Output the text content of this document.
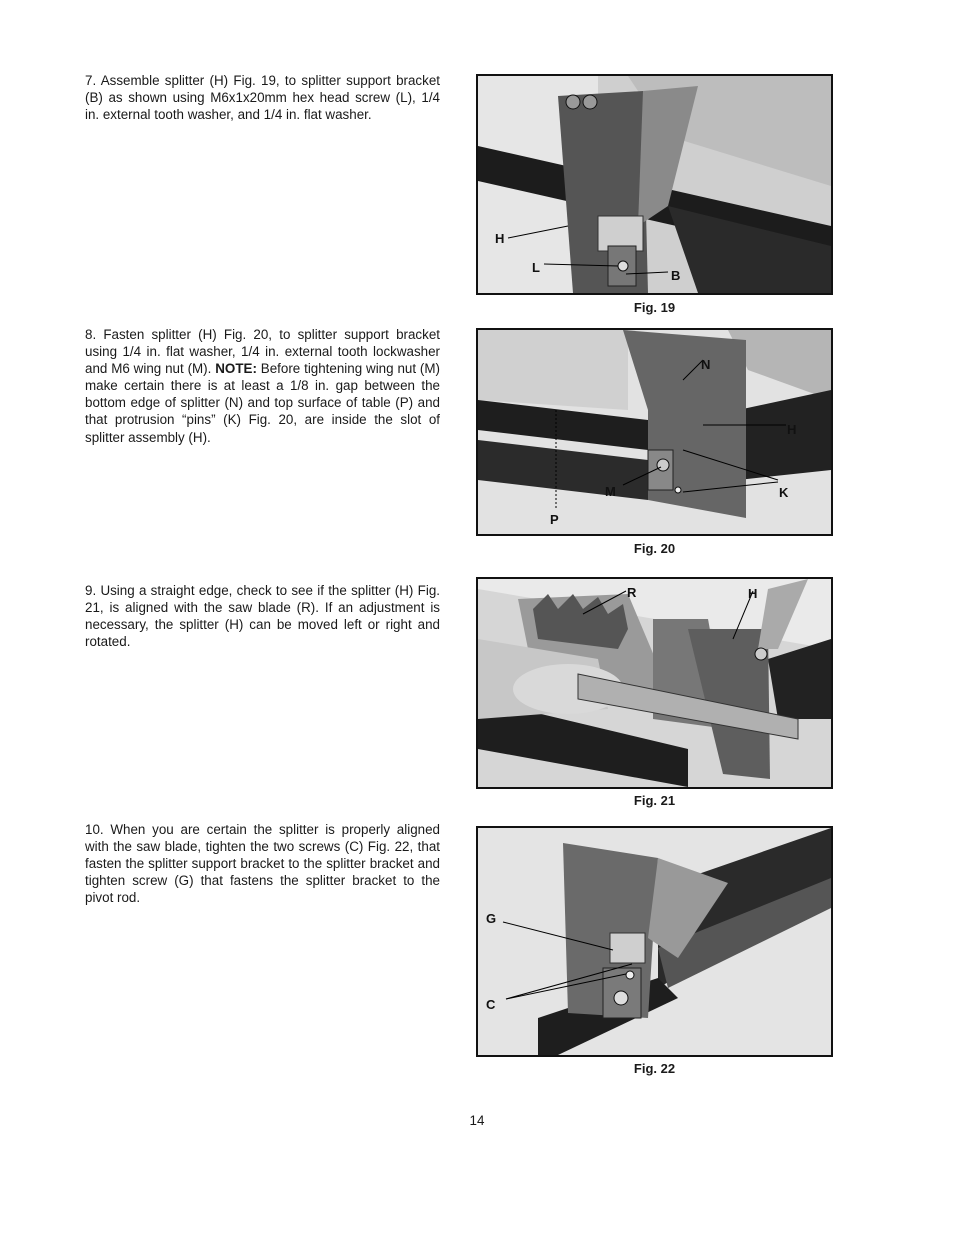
7. Assemble splitter (H) Fig. 19, to splitter support bracket (B) as shown using M6x1x20mm hex head screw (L), 1/4 in. external tooth washer, and 1/4 in. flat washer.
8. Fasten splitter (H) Fig. 20, to splitter support bracket using 1/4 in. flat washer, 1/4 in. external tooth lockwasher and M6 wing nut (M). NOTE: Before tightening wing nut (M) make certain there is at least a 1/8 in. gap between the bottom edge of splitter (N) and top surface of table (P) and that protrusion “pins” (K) Fig. 20, are inside the slot of splitter assembly (H).
9. Using a straight edge, check to see if the splitter (H) Fig. 21, is aligned with the saw blade (R). If an adjustment is necessary, the splitter (H) can be moved left or right and rotated.
10. When you are certain the splitter is properly aligned with the saw blade, tighten the two screws (C) Fig. 22, that fasten the splitter support bracket to the splitter bracket and tighten screw (G) that fastens the splitter bracket to the pivot rod.
H
L
B
Fig. 19
N
H
M	K
P
Fig. 20
R	H
Fig. 21
G
C
Fig. 22
14
